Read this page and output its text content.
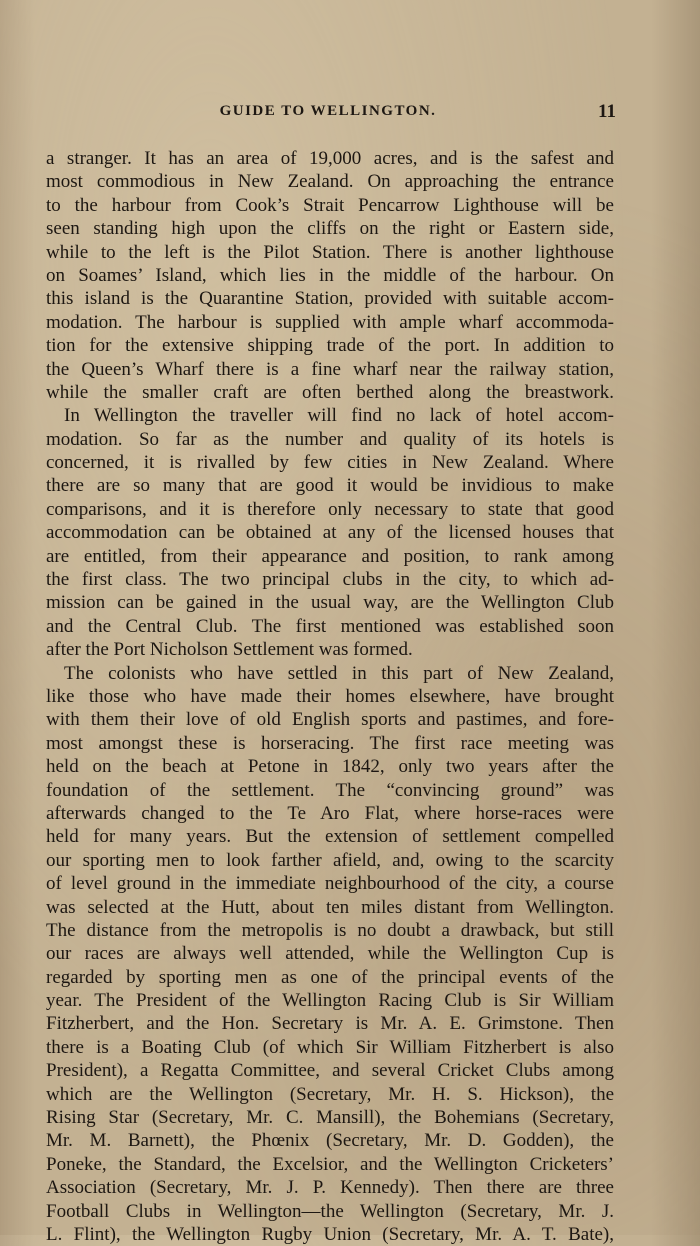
GUIDE TO WELLINGTON.	11
a stranger. It has an area of 19,000 acres, and is the safest and
most commodious in New Zealand. On approaching the entrance
to the harbour from Cook’s Strait Pencarrow Lighthouse will be
seen standing high upon the cliffs on the right or Eastern side,
while to the left is the Pilot Station. There is another lighthouse
on Soames’ Island, which lies in the middle of the harbour. On
this island is the Quarantine Station, provided with suitable accom-
modation. The harbour is supplied with ample wharf accommoda-
tion for the extensive shipping trade of the port. In addition to
the Queen’s Wharf there is a fine wharf near the railway station,
while the smaller craft are often berthed along the breastwork.
In Wellington the traveller will find no lack of hotel accom-
modation. So far as the number and quality of its hotels is
concerned, it is rivalled by few cities in New Zealand. Where
there are so many that are good it would be invidious to make
comparisons, and it is therefore only necessary to state that good
accommodation can be obtained at any of the licensed houses that
are entitled, from their appearance and position, to rank among
the first class. The two principal clubs in the city, to which ad-
mission can be gained in the usual way, are the Wellington Club
and the Central Club. The first mentioned was established soon
after the Port Nicholson Settlement was formed.
The colonists who have settled in this part of New Zealand,
like those who have made their homes elsewhere, have brought
with them their love of old English sports and pastimes, and fore-
most amongst these is horseracing. The first race meeting was
held on the beach at Petone in 1842, only two years after the
foundation of the settlement. The “convincing ground” was
afterwards changed to the Te Aro Flat, where horse-races were
held for many years. But the extension of settlement compelled
our sporting men to look farther afield, and, owing to the scarcity
of level ground in the immediate neighbourhood of the city, a course
was selected at the Hutt, about ten miles distant from Wellington.
The distance from the metropolis is no doubt a drawback, but still
our races are always well attended, while the Wellington Cup is
regarded by sporting men as one of the principal events of the
year. The President of the Wellington Racing Club is Sir William
Fitzherbert, and the Hon. Secretary is Mr. A. E. Grimstone. Then
there is a Boating Club (of which Sir William Fitzherbert is also
President), a Regatta Committee, and several Cricket Clubs among
which are the Wellington (Secretary, Mr. H. S. Hickson), the
Rising Star (Secretary, Mr. C. Mansill), the Bohemians (Secretary,
Mr. M. Barnett), the Phœnix (Secretary, Mr. D. Godden), the
Poneke, the Standard, the Excelsior, and the Wellington Cricketers’
Association (Secretary, Mr. J. P. Kennedy). Then there are three
Football Clubs in Wellington—the Wellington (Secretary, Mr. J.
L. Flint), the Wellington Rugby Union (Secretary, Mr. A. T. Bate),
